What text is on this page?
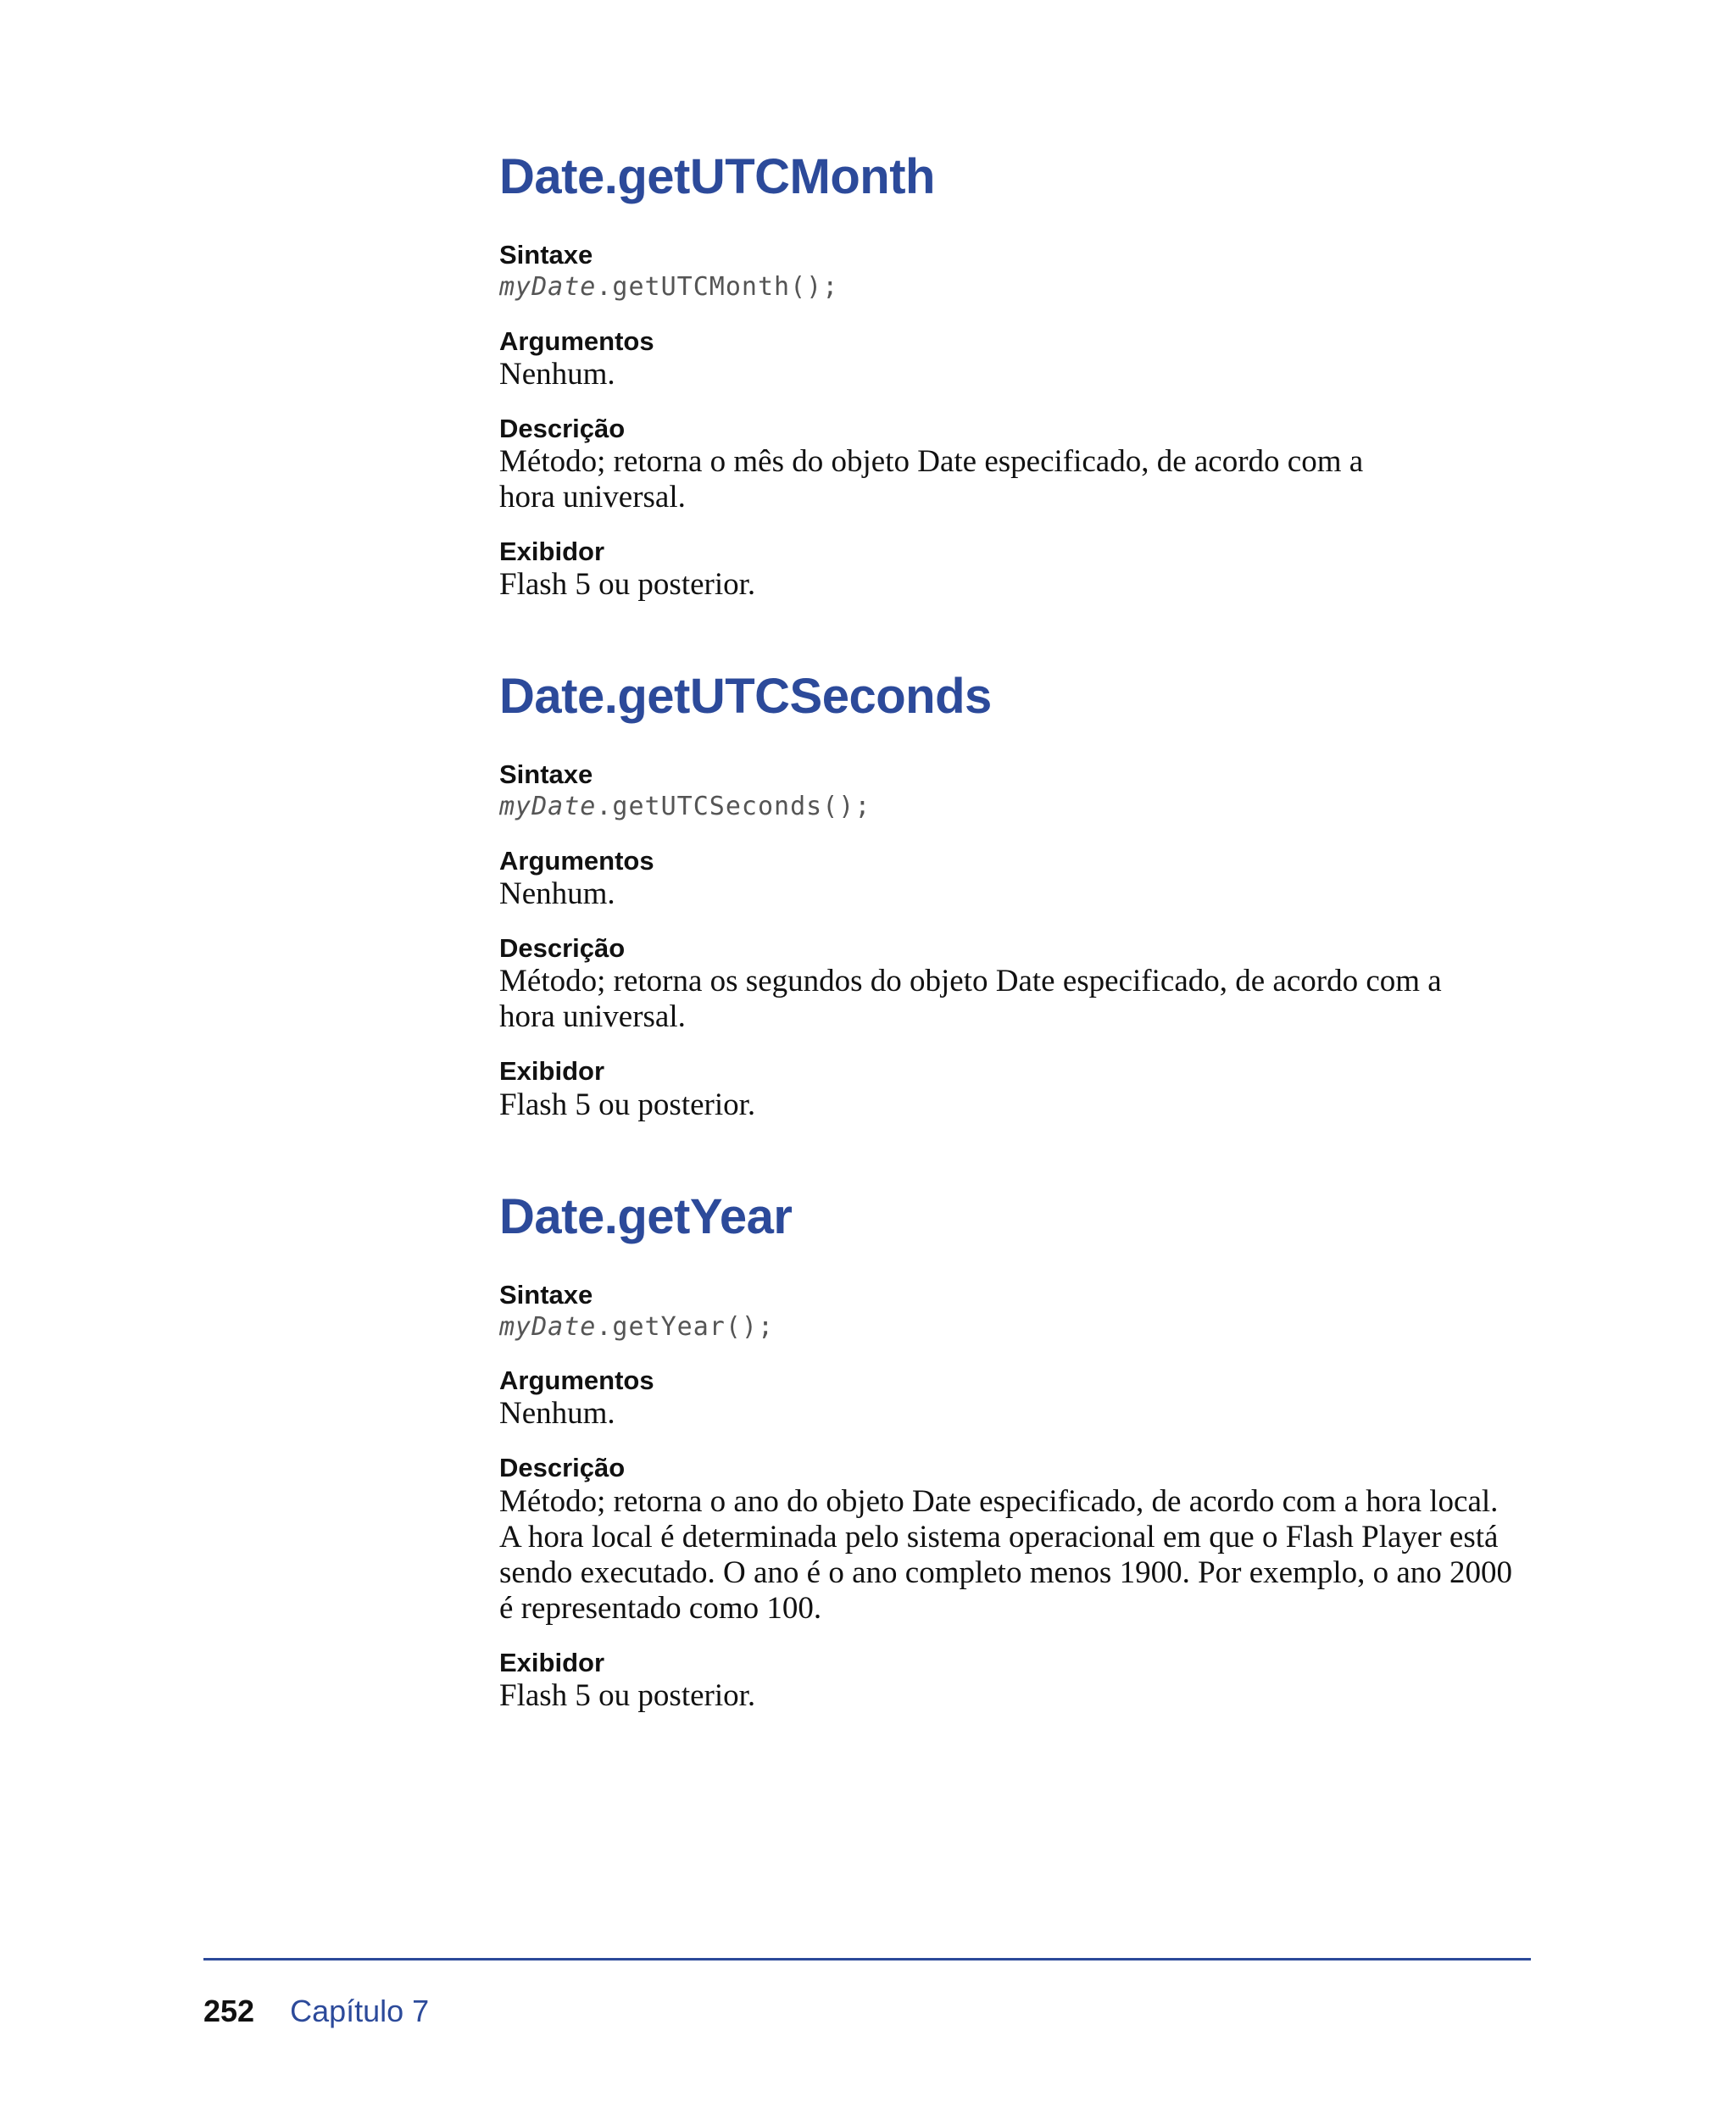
Date.getUTCMonth

Sintaxe

myDate.getUTCMonth();

Argumentos

Nenhum.

Descrição

Método; retorna o mês do objeto Date especificado, de acordo com a

hora universal.

Exibidor

Flash 5 ou posterior.

Date.getUTCSeconds

Sintaxe

myDate.getUTCSeconds();

Argumentos

Nenhum.

Descrição

Método; retorna os segundos do objeto Date especificado, de acordo com a

hora universal.

Exibidor

Flash 5 ou posterior.

Date.getYear

Sintaxe

myDate.getYear();

Argumentos

Nenhum.

Descrição

Método; retorna o ano do objeto Date especificado, de acordo com a hora local.

A hora local é determinada pelo sistema operacional em que o Flash Player está

sendo executado. O ano é o ano completo menos 1900. Por exemplo, o ano 2000

é representado como 100.

Exibidor

Flash 5 ou posterior.

252 Capítulo 7
